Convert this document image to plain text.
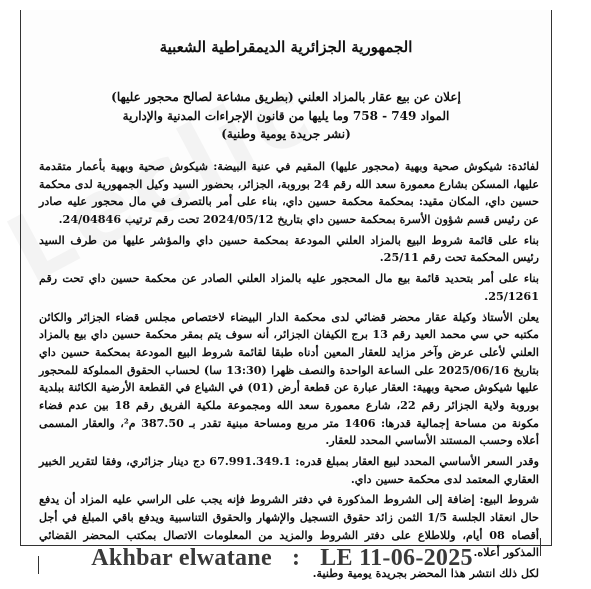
الجمهورية الجزائرية الديمقراطية الشعبية
إعلان عن بيع عقار بالمزاد العلني (بطريق مشاعة لصالح محجور عليها)
المواد 749 - 758 وما يليها من قانون الإجراءات المدنية والإدارية
(نشر جريدة يومية وطنية)

لفائدة: شيكوش صحية وبهية (محجور عليها) المقيم في عنية البيضة: شيكوش صحية وبهية بأعمار متقدمة عليها، المسكن بشارع معمورة سعد الله رقم 24 بوروبة، الجزائر، بحضور السيد وكيل الجمهورية لدى محكمة حسين داي، المكان مقيد: بمحكمة محكمة حسين داي، بناء على أمر بالتصرف في مال محجور عليه صادر عن رئيس قسم شؤون الأسرة بمحكمة حسين داي بتاريخ 2024/05/12 تحت رقم ترتيب 24/04846.

بناء على قائمة شروط البيع بالمزاد العلني المودعة بمحكمة حسين داي والمؤشر عليها من طرف السيد رئيس المحكمة تحت رقم 25/11.

بناء على أمر بتحديد قائمة بيع مال المحجور عليه بالمزاد العلني الصادر عن محكمة حسين داي تحت رقم 25/1261.

يعلن الأستاذ وكيلة عقار محضر قضائي لدى محكمة الدار البيضاء لاختصاص مجلس قضاء الجزائر والكائن مكتبه حي سي محمد العيد رقم 13 برج الكيفان الجزائر، أنه سوف يتم بمقر محكمة حسين داي بيع بالمزاد العلني لأعلى عرض وآخر مزايد للعقار المعين أدناه طبقا لقائمة شروط البيع المودعة بمحكمة حسين داي بتاريخ 2025/06/16 على الساعة الواحدة والنصف ظهرا (13:30 سا) لحساب الحقوق المملوكة للمحجور عليها شيكوش صحية وبهية: العقار عبارة عن قطعة أرض (01) في الشياع في القطعة الأرضية الكائنة ببلدية بوروبة ولاية الجزائر رقم 22، شارع معمورة سعد الله ومجموعة ملكية الفريق رقم 18 بين عدم فضاء مكونة من مساحة إجمالية قدرها: 1406 متر مربع ومساحة مبنية تقدر بـ 387.50 م²، والعقار المسمى أعلاه وحسب المستند الأساسي المحدد للعقار.

وقدر السعر الأساسي المحدد لبيع العقار بمبلغ قدره: 67.991.349.1 دج دينار جزائري، وفقا لتقرير الخبير العقاري المعتمد لدى محكمة حسين داي.

شروط البيع: إضافة إلى الشروط المذكورة في دفتر الشروط فإنه يجب على الراسي عليه المزاد أن يدفع حال انعقاد الجلسة 1/5 الثمن زائد حقوق التسجيل والإشهار والحقوق التناسبية ويدفع باقي المبلغ في أجل أقصاه 08 أيام، وللاطلاع على دفتر الشروط والمزيد من المعلومات الاتصال بمكتب المحضر القضائي المذكور أعلاه.

لكل ذلك انتشر هذا المحضر بجريدة يومية وطنية.

Akhbar elwatane : LE 11-06-2025
